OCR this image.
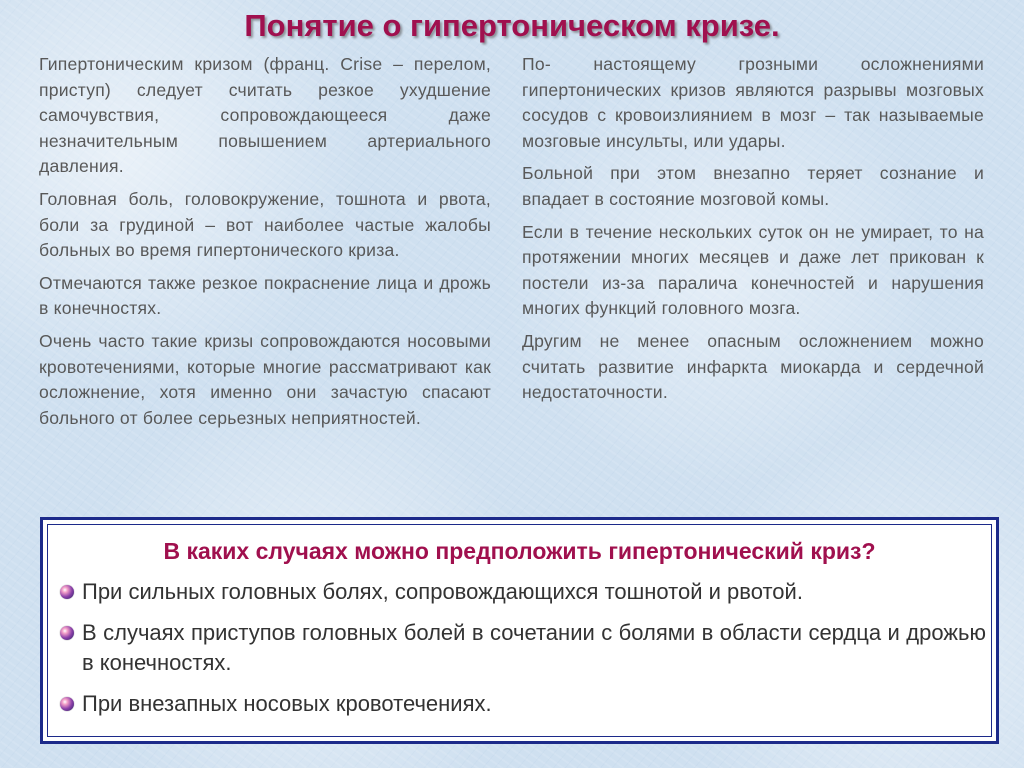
Понятие о гипертоническом кризе.

Гипертоническим кризом (франц. Crise – перелом, приступ) следует считать резкое ухудшение самочувствия, сопровождающееся даже незначительным повышением артериального давления.

Головная боль, головокружение, тошнота и рвота, боли за грудиной – вот наиболее частые жалобы больных во время гипертонического криза.

Отмечаются также резкое покраснение лица и дрожь в конечностях.

Очень часто такие кризы сопровождаются носовыми кровотечениями, которые многие рассматривают как осложнение, хотя именно они зачастую спасают больного от более серьезных неприятностей.

По- настоящему грозными осложнениями гипертонических кризов являются разрывы мозговых сосудов с кровоизлиянием в мозг – так называемые мозговые инсульты, или удары.

Больной при этом внезапно теряет сознание и впадает в состояние мозговой комы.

Если в течение нескольких суток он не умирает, то на протяжении многих месяцев и даже лет прикован к постели из-за паралича конечностей и нарушения многих функций головного мозга.

Другим не менее опасным осложнением можно считать развитие инфаркта миокарда и сердечной недостаточности.

В каких случаях можно предположить гипертонический криз?
При сильных головных болях, сопровождающихся тошнотой и рвотой.
В случаях приступов головных болей в сочетании с болями в области сердца и дрожью в конечностях.
При внезапных носовых кровотечениях.
